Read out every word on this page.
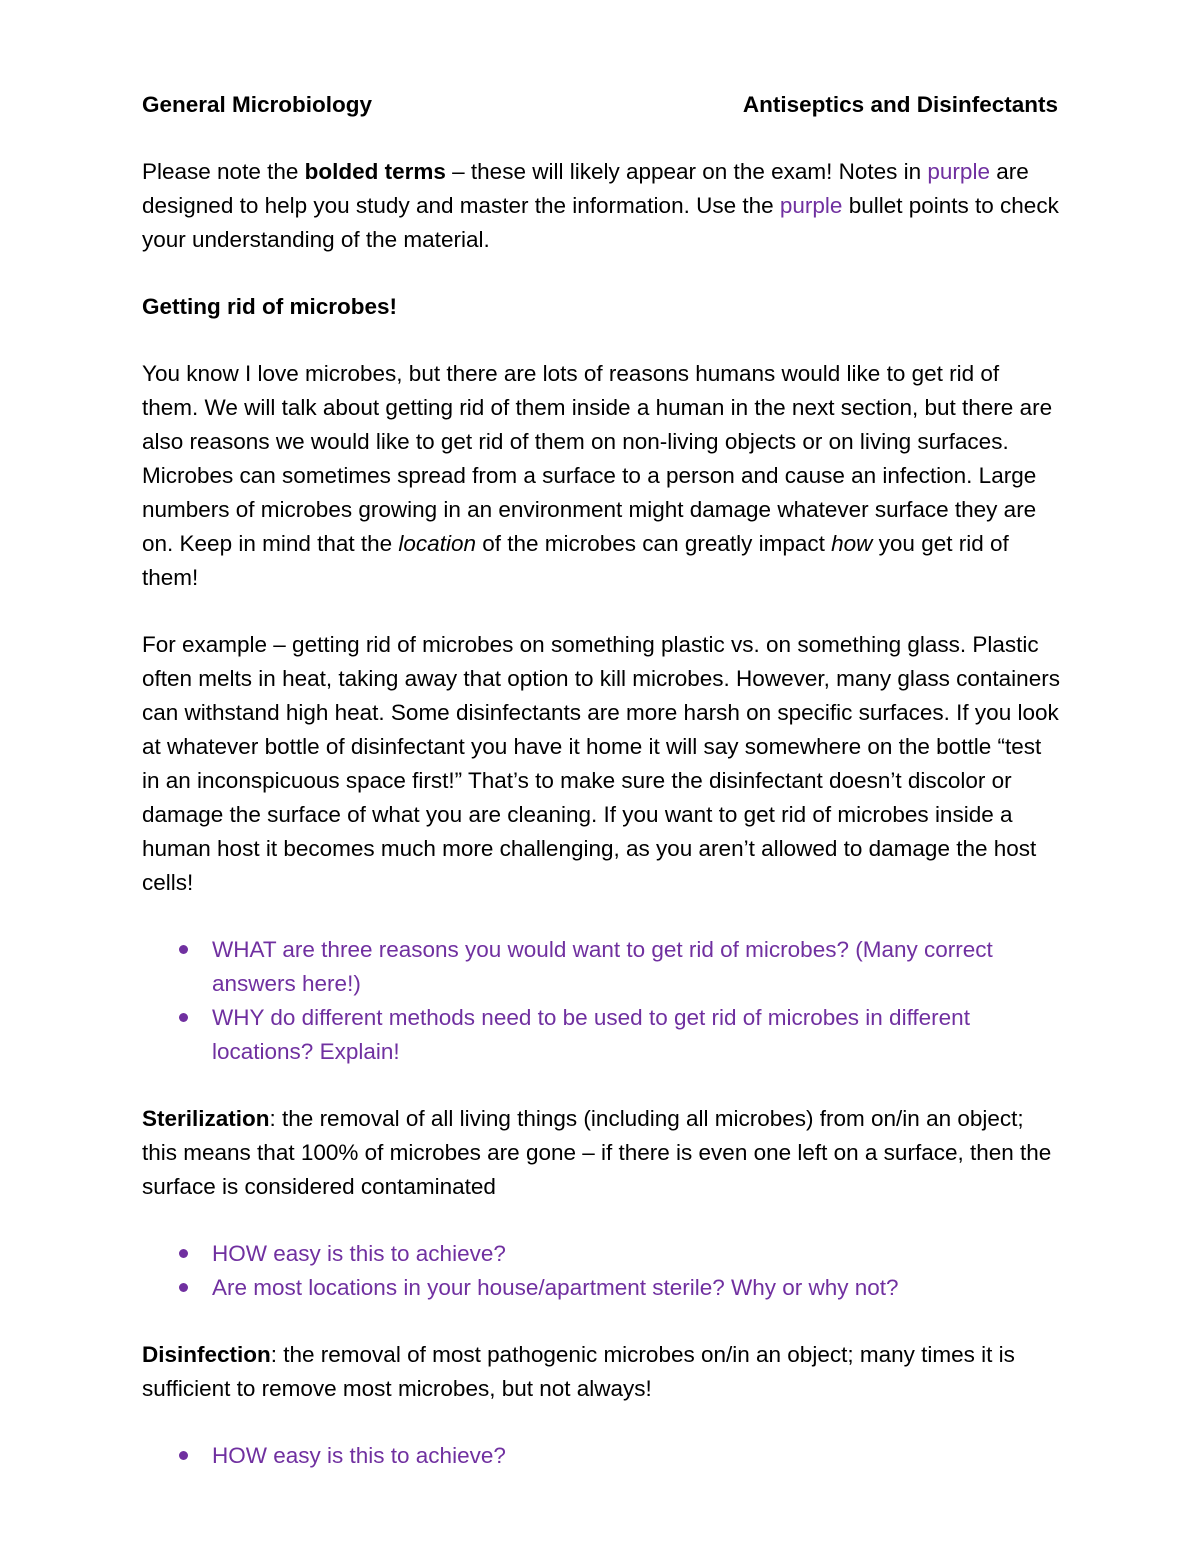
General Microbiology	Antiseptics and Disinfectants

Please note the bolded terms – these will likely appear on the exam! Notes in purple are designed to help you study and master the information. Use the purple bullet points to check your understanding of the material.

Getting rid of microbes!

You know I love microbes, but there are lots of reasons humans would like to get rid of them. We will talk about getting rid of them inside a human in the next section, but there are also reasons we would like to get rid of them on non-living objects or on living surfaces. Microbes can sometimes spread from a surface to a person and cause an infection. Large numbers of microbes growing in an environment might damage whatever surface they are on. Keep in mind that the location of the microbes can greatly impact how you get rid of them!

For example – getting rid of microbes on something plastic vs. on something glass. Plastic often melts in heat, taking away that option to kill microbes. However, many glass containers can withstand high heat. Some disinfectants are more harsh on specific surfaces. If you look at whatever bottle of disinfectant you have it home it will say somewhere on the bottle “test in an inconspicuous space first!” That’s to make sure the disinfectant doesn’t discolor or damage the surface of what you are cleaning. If you want to get rid of microbes inside a human host it becomes much more challenging, as you aren’t allowed to damage the host cells!

WHAT are three reasons you would want to get rid of microbes? (Many correct answers here!)
WHY do different methods need to be used to get rid of microbes in different locations? Explain!

Sterilization: the removal of all living things (including all microbes) from on/in an object; this means that 100% of microbes are gone – if there is even one left on a surface, then the surface is considered contaminated

HOW easy is this to achieve?
Are most locations in your house/apartment sterile? Why or why not?

Disinfection: the removal of most pathogenic microbes on/in an object; many times it is sufficient to remove most microbes, but not always!

HOW easy is this to achieve?
